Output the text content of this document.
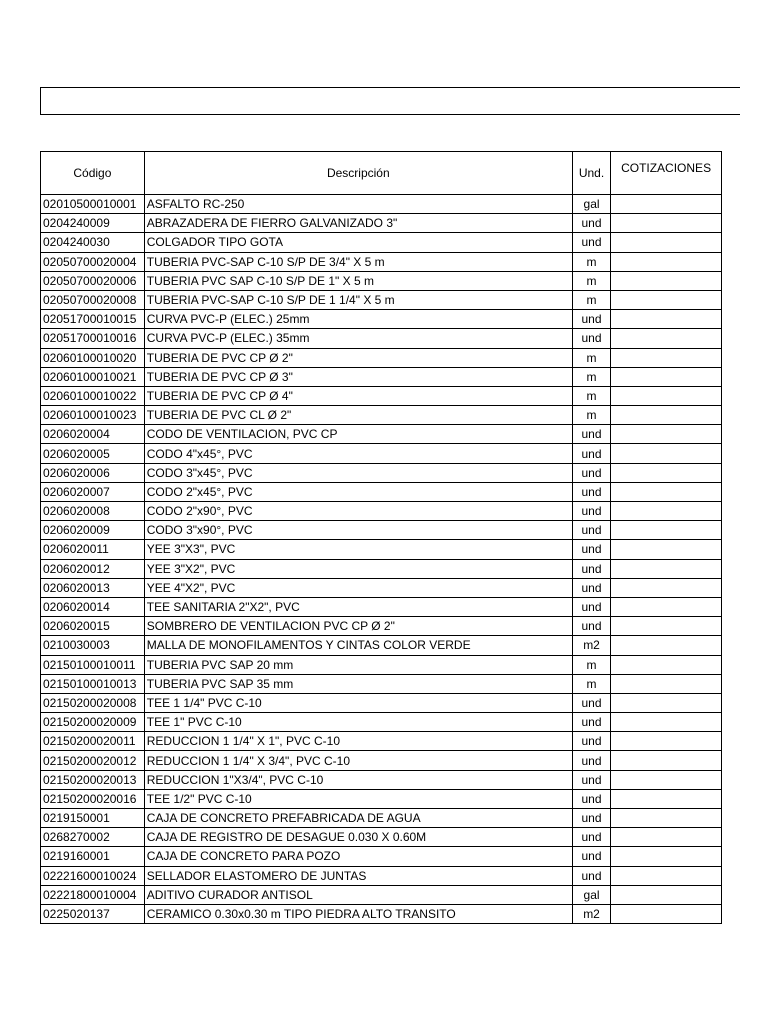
Código	Descripción	Und.	COTIZACIONES
02010500010001	ASFALTO RC-250	gal	
0204240009	ABRAZADERA DE FIERRO GALVANIZADO 3"	und	
0204240030	COLGADOR TIPO GOTA	und	
02050700020004	TUBERIA PVC-SAP C-10 S/P DE 3/4" X 5 m	m	
02050700020006	TUBERIA PVC SAP C-10 S/P DE 1" X 5 m	m	
02050700020008	TUBERIA PVC-SAP C-10 S/P DE 1 1/4" X 5 m	m	
02051700010015	CURVA PVC-P (ELEC.) 25mm	und	
02051700010016	CURVA PVC-P (ELEC.) 35mm	und	
02060100010020	TUBERIA DE PVC CP Ø 2"	m	
02060100010021	TUBERIA DE PVC CP Ø 3"	m	
02060100010022	TUBERIA DE PVC CP Ø 4"	m	
02060100010023	TUBERIA DE PVC CL Ø 2"	m	
0206020004	CODO DE VENTILACION, PVC CP	und	
0206020005	CODO 4"x45°, PVC	und	
0206020006	CODO 3"x45°, PVC	und	
0206020007	CODO 2"x45°, PVC	und	
0206020008	CODO 2"x90°, PVC	und	
0206020009	CODO 3"x90°, PVC	und	
0206020011	YEE 3"X3", PVC	und	
0206020012	YEE 3"X2", PVC	und	
0206020013	YEE 4"X2", PVC	und	
0206020014	TEE SANITARIA 2"X2", PVC	und	
0206020015	SOMBRERO DE VENTILACION PVC CP Ø 2"	und	
0210030003	MALLA DE MONOFILAMENTOS Y CINTAS COLOR VERDE	m2	
02150100010011	TUBERIA PVC SAP 20 mm	m	
02150100010013	TUBERIA PVC SAP 35 mm	m	
02150200020008	TEE 1 1/4" PVC C-10	und	
02150200020009	TEE 1" PVC C-10	und	
02150200020011	REDUCCION 1 1/4" X 1", PVC C-10	und	
02150200020012	REDUCCION 1 1/4" X 3/4", PVC C-10	und	
02150200020013	REDUCCION 1"X3/4", PVC C-10	und	
02150200020016	TEE 1/2" PVC C-10	und	
0219150001	CAJA DE CONCRETO PREFABRICADA DE AGUA	und	
0268270002	CAJA DE REGISTRO DE DESAGUE 0.030 X 0.60M	und	
0219160001	CAJA DE CONCRETO PARA POZO	und	
02221600010024	SELLADOR ELASTOMERO DE JUNTAS	und	
02221800010004	ADITIVO CURADOR ANTISOL	gal	
0225020137	CERAMICO 0.30x0.30 m TIPO PIEDRA ALTO TRANSITO	m2	
